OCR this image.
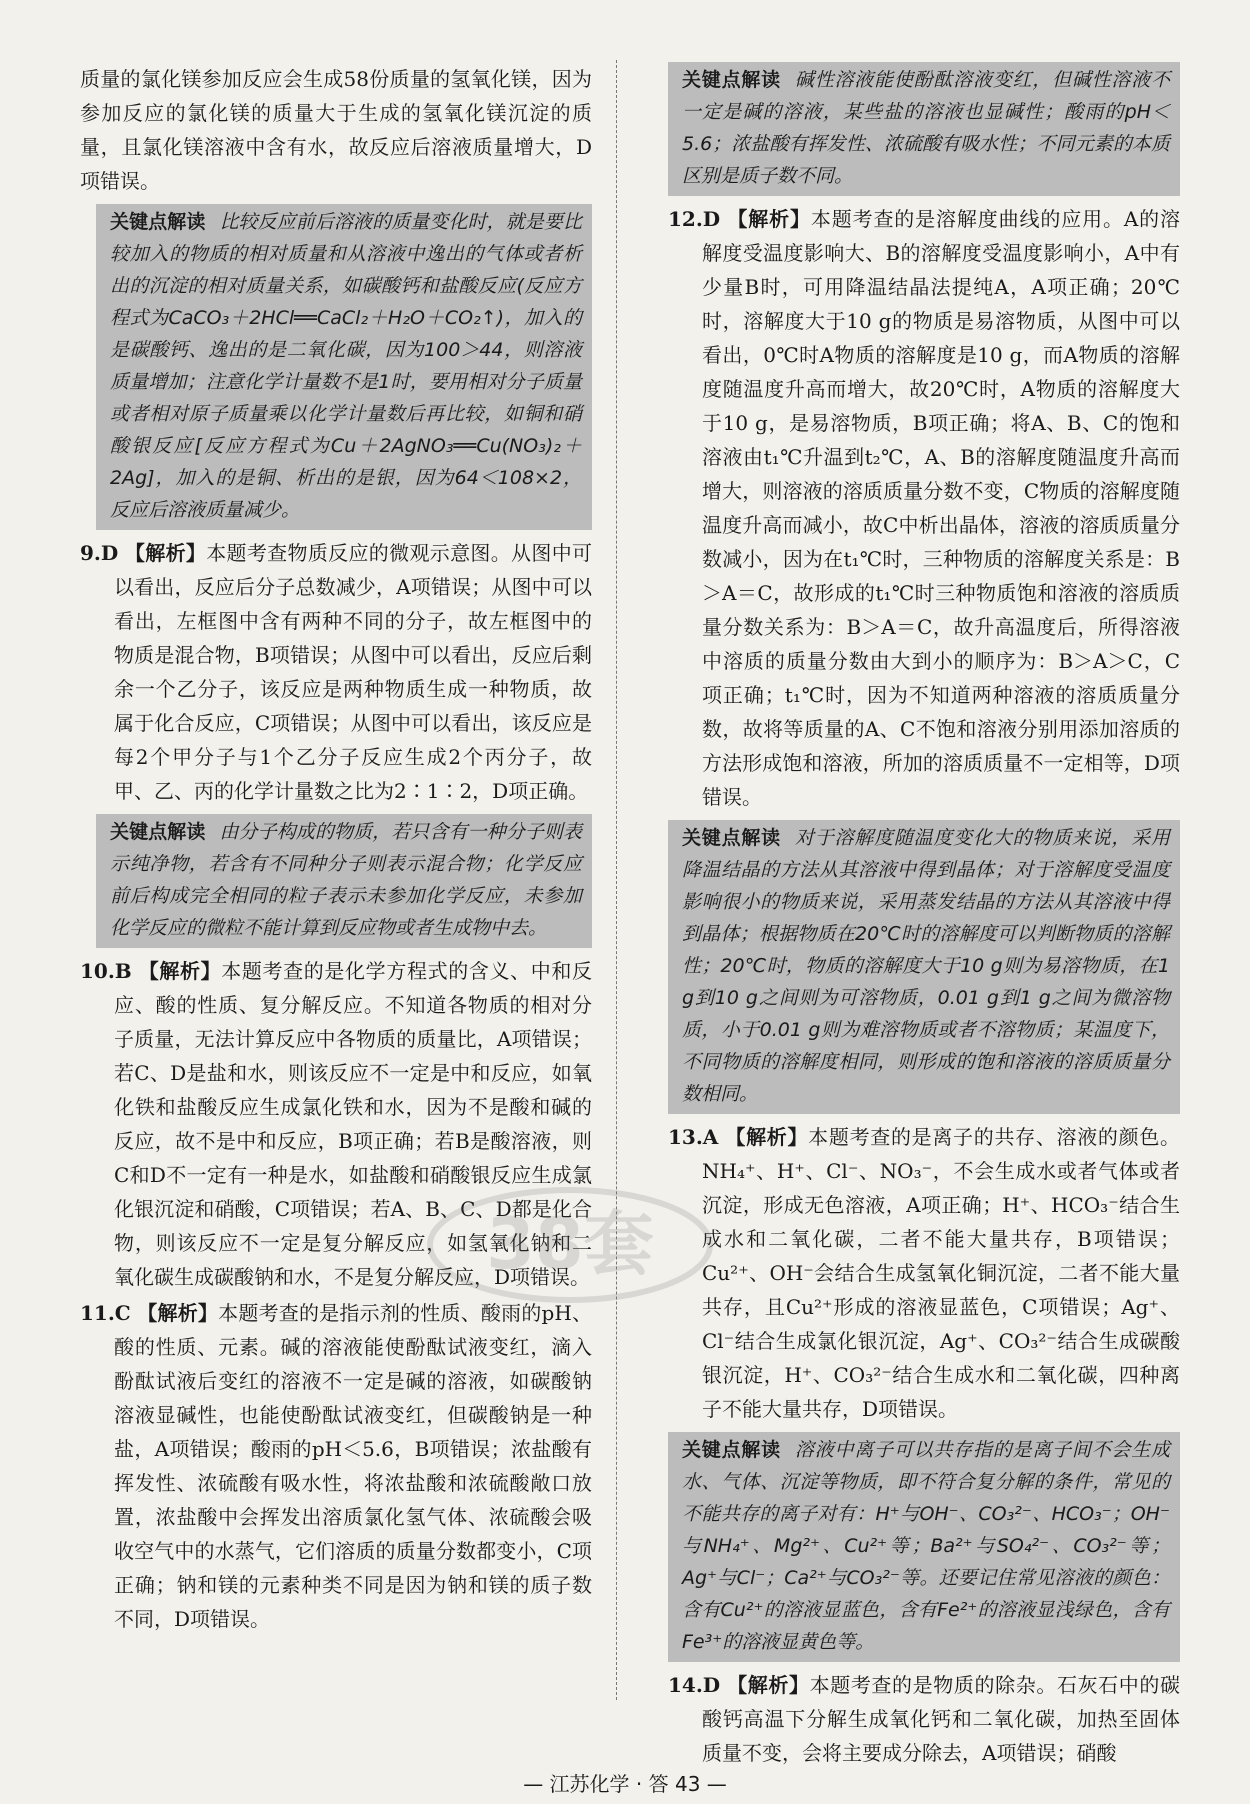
质量的氯化镁参加反应会生成58份质量的氢氧化镁，因为参加反应的氯化镁的质量大于生成的氢氧化镁沉淀的质量，且氯化镁溶液中含有水，故反应后溶液质量增大，D项错误。

关键点解读 比较反应前后溶液的质量变化时，就是要比较加入的物质的相对质量和从溶液中逸出的气体或者析出的沉淀的相对质量关系，如碳酸钙和盐酸反应(反应方程式为CaCO₃＋2HCl══CaCl₂＋H₂O＋CO₂↑)，加入的是碳酸钙、逸出的是二氧化碳，因为100＞44，则溶液质量增加；注意化学计量数不是1时，要用相对分子质量或者相对原子质量乘以化学计量数后再比较，如铜和硝酸银反应[反应方程式为Cu＋2AgNO₃══Cu(NO₃)₂＋2Ag]，加入的是铜、析出的是银，因为64＜108×2，反应后溶液质量减少。

9.D 【解析】本题考查物质反应的微观示意图。从图中可以看出，反应后分子总数减少，A项错误；从图中可以看出，左框图中含有两种不同的分子，故左框图中的物质是混合物，B项错误；从图中可以看出，反应后剩余一个乙分子，该反应是两种物质生成一种物质，故属于化合反应，C项错误；从图中可以看出，该反应是每2个甲分子与1个乙分子反应生成2个丙分子，故甲、乙、丙的化学计量数之比为2∶1∶2，D项正确。

关键点解读 由分子构成的物质，若只含有一种分子则表示纯净物，若含有不同种分子则表示混合物；化学反应前后构成完全相同的粒子表示未参加化学反应，未参加化学反应的微粒不能计算到反应物或者生成物中去。

10.B 【解析】本题考查的是化学方程式的含义、中和反应、酸的性质、复分解反应。不知道各物质的相对分子质量，无法计算反应中各物质的质量比，A项错误；若C、D是盐和水，则该反应不一定是中和反应，如氧化铁和盐酸反应生成氯化铁和水，因为不是酸和碱的反应，故不是中和反应，B项正确；若B是酸溶液，则C和D不一定有一种是水，如盐酸和硝酸银反应生成氯化银沉淀和硝酸，C项错误；若A、B、C、D都是化合物，则该反应不一定是复分解反应，如氢氧化钠和二氧化碳生成碳酸钠和水，不是复分解反应，D项错误。

11.C 【解析】本题考查的是指示剂的性质、酸雨的pH、酸的性质、元素。碱的溶液能使酚酞试液变红，滴入酚酞试液后变红的溶液不一定是碱的溶液，如碳酸钠溶液显碱性，也能使酚酞试液变红，但碳酸钠是一种盐，A项错误；酸雨的pH＜5.6，B项错误；浓盐酸有挥发性、浓硫酸有吸水性，将浓盐酸和浓硫酸敞口放置，浓盐酸中会挥发出溶质氯化氢气体、浓硫酸会吸收空气中的水蒸气，它们溶质的质量分数都变小，C项正确；钠和镁的元素种类不同是因为钠和镁的质子数不同，D项错误。

关键点解读 碱性溶液能使酚酞溶液变红，但碱性溶液不一定是碱的溶液，某些盐的溶液也显碱性；酸雨的pH＜5.6；浓盐酸有挥发性、浓硫酸有吸水性；不同元素的本质区别是质子数不同。

12.D 【解析】本题考查的是溶解度曲线的应用。A的溶解度受温度影响大、B的溶解度受温度影响小，A中有少量B时，可用降温结晶法提纯A，A项正确；20℃时，溶解度大于10 g的物质是易溶物质，从图中可以看出，0℃时A物质的溶解度是10 g，而A物质的溶解度随温度升高而增大，故20℃时，A物质的溶解度大于10 g，是易溶物质，B项正确；将A、B、C的饱和溶液由t₁℃升温到t₂℃，A、B的溶解度随温度升高而增大，则溶液的溶质质量分数不变，C物质的溶解度随温度升高而减小，故C中析出晶体，溶液的溶质质量分数减小，因为在t₁℃时，三种物质的溶解度关系是：B＞A＝C，故形成的t₁℃时三种物质饱和溶液的溶质质量分数关系为：B＞A＝C，故升高温度后，所得溶液中溶质的质量分数由大到小的顺序为：B＞A＞C，C项正确；t₁℃时，因为不知道两种溶液的溶质质量分数，故将等质量的A、C不饱和溶液分别用添加溶质的方法形成饱和溶液，所加的溶质质量不一定相等，D项错误。

关键点解读 对于溶解度随温度变化大的物质来说，采用降温结晶的方法从其溶液中得到晶体；对于溶解度受温度影响很小的物质来说，采用蒸发结晶的方法从其溶液中得到晶体；根据物质在20℃时的溶解度可以判断物质的溶解性；20℃时，物质的溶解度大于10 g则为易溶物质，在1 g到10 g之间则为可溶物质，0.01 g到1 g之间为微溶物质，小于0.01 g则为难溶物质或者不溶物质；某温度下，不同物质的溶解度相同，则形成的饱和溶液的溶质质量分数相同。

13.A 【解析】本题考查的是离子的共存、溶液的颜色。NH₄⁺、H⁺、Cl⁻、NO₃⁻，不会生成水或者气体或者沉淀，形成无色溶液，A项正确；H⁺、HCO₃⁻结合生成水和二氧化碳，二者不能大量共存，B项错误；Cu²⁺、OH⁻会结合生成氢氧化铜沉淀，二者不能大量共存，且Cu²⁺形成的溶液显蓝色，C项错误；Ag⁺、Cl⁻结合生成氯化银沉淀，Ag⁺、CO₃²⁻结合生成碳酸银沉淀，H⁺、CO₃²⁻结合生成水和二氧化碳，四种离子不能大量共存，D项错误。

关键点解读 溶液中离子可以共存指的是离子间不会生成水、气体、沉淀等物质，即不符合复分解的条件，常见的不能共存的离子对有：H⁺与OH⁻、CO₃²⁻、HCO₃⁻；OH⁻与NH₄⁺、Mg²⁺、Cu²⁺等；Ba²⁺与SO₄²⁻、CO₃²⁻等；Ag⁺与Cl⁻；Ca²⁺与CO₃²⁻等。还要记住常见溶液的颜色：含有Cu²⁺的溶液显蓝色，含有Fe²⁺的溶液显浅绿色，含有Fe³⁺的溶液显黄色等。

14.D 【解析】本题考查的是物质的除杂。石灰石中的碳酸钙高温下分解生成氧化钙和二氧化碳，加热至固体质量不变，会将主要成分除去，A项错误；硝酸

38套
— 江苏化学 · 答 43 —
